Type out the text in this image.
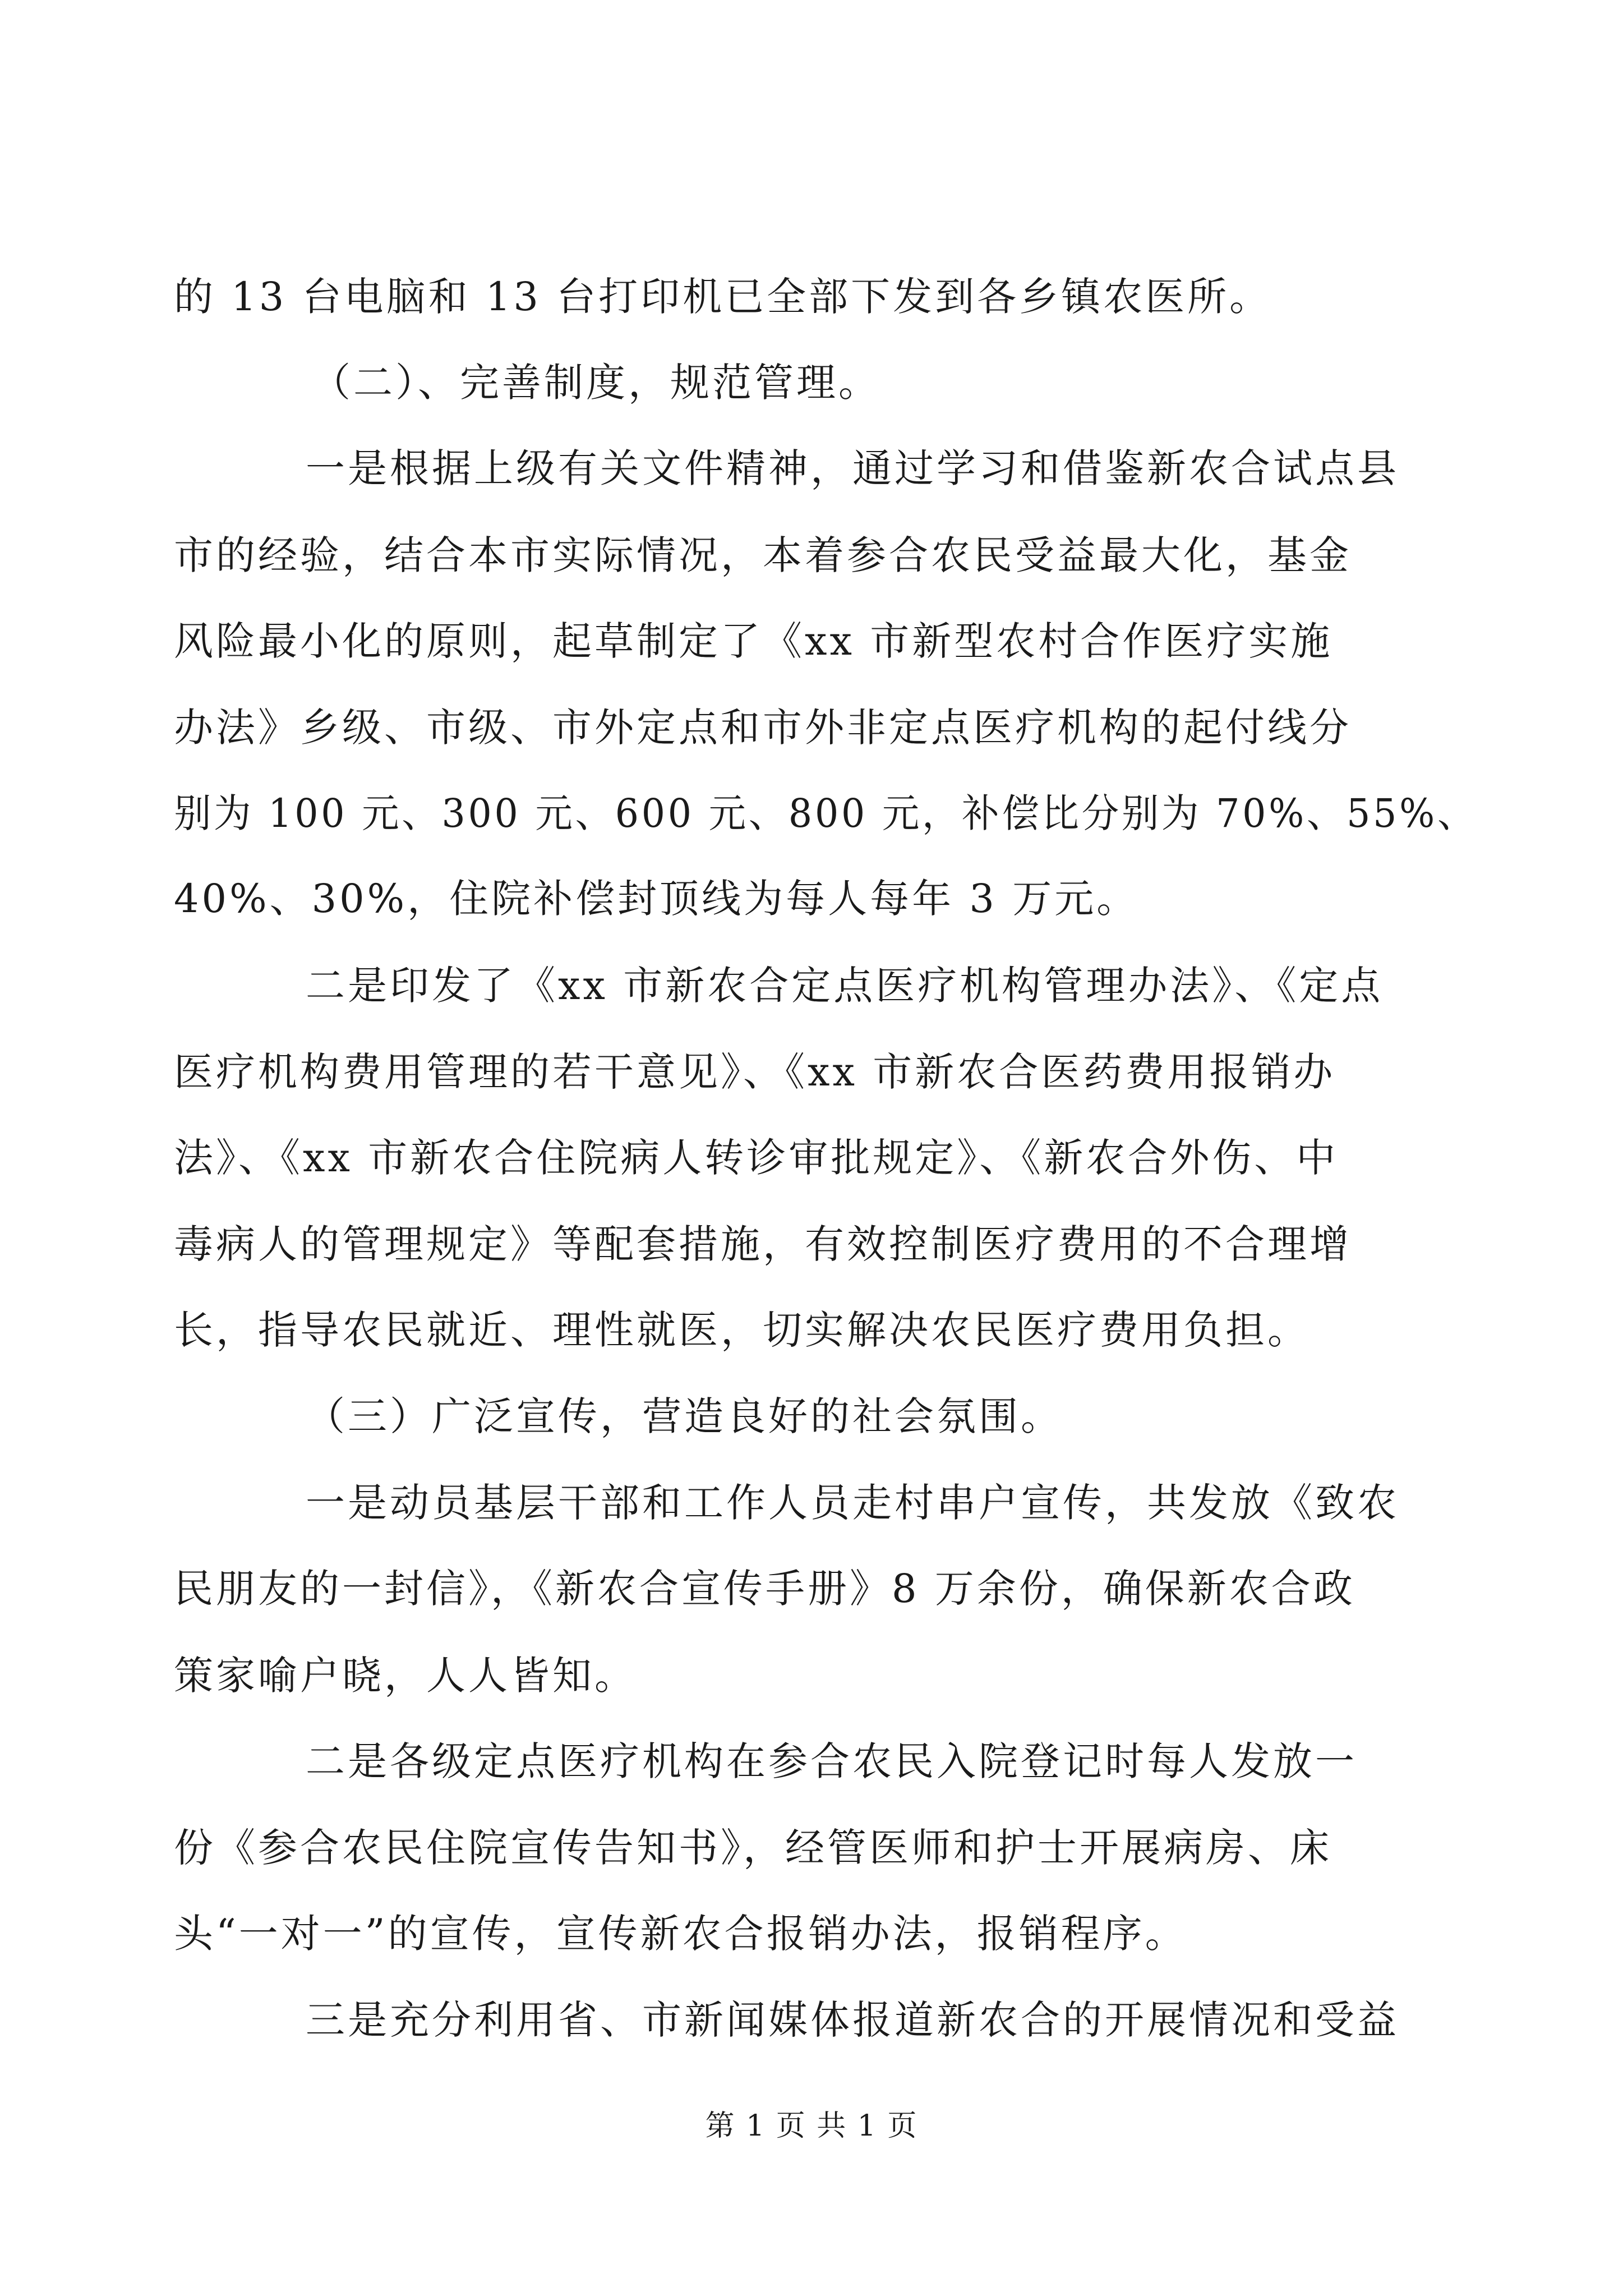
的 13 台电脑和 13 台打印机已全部下发到各乡镇农医所。
（二）、完善制度，规范管理。
一是根据上级有关文件精神，通过学习和借鉴新农合试点县
市的经验，结合本市实际情况，本着参合农民受益最大化，基金
风险最小化的原则，起草制定了《xx 市新型农村合作医疗实施
办法》乡级、市级、市外定点和市外非定点医疗机构的起付线分
别为 100 元、300 元、600 元、800 元，补偿比分别为 70%、55%、
40%、30%，住院补偿封顶线为每人每年 3 万元。
二是印发了《xx 市新农合定点医疗机构管理办法》、《定点
医疗机构费用管理的若干意见》、《xx 市新农合医药费用报销办
法》、《xx 市新农合住院病人转诊审批规定》、《新农合外伤、中
毒病人的管理规定》等配套措施，有效控制医疗费用的不合理增
长，指导农民就近、理性就医，切实解决农民医疗费用负担。
（三）广泛宣传，营造良好的社会氛围。
一是动员基层干部和工作人员走村串户宣传，共发放《致农
民朋友的一封信》，《新农合宣传手册》8 万余份，确保新农合政
策家喻户晓，人人皆知。
二是各级定点医疗机构在参合农民入院登记时每人发放一
份《参合农民住院宣传告知书》，经管医师和护士开展病房、床
头“一对一”的宣传，宣传新农合报销办法，报销程序。
三是充分利用省、市新闻媒体报道新农合的开展情况和受益
第 1 页 共 1 页
